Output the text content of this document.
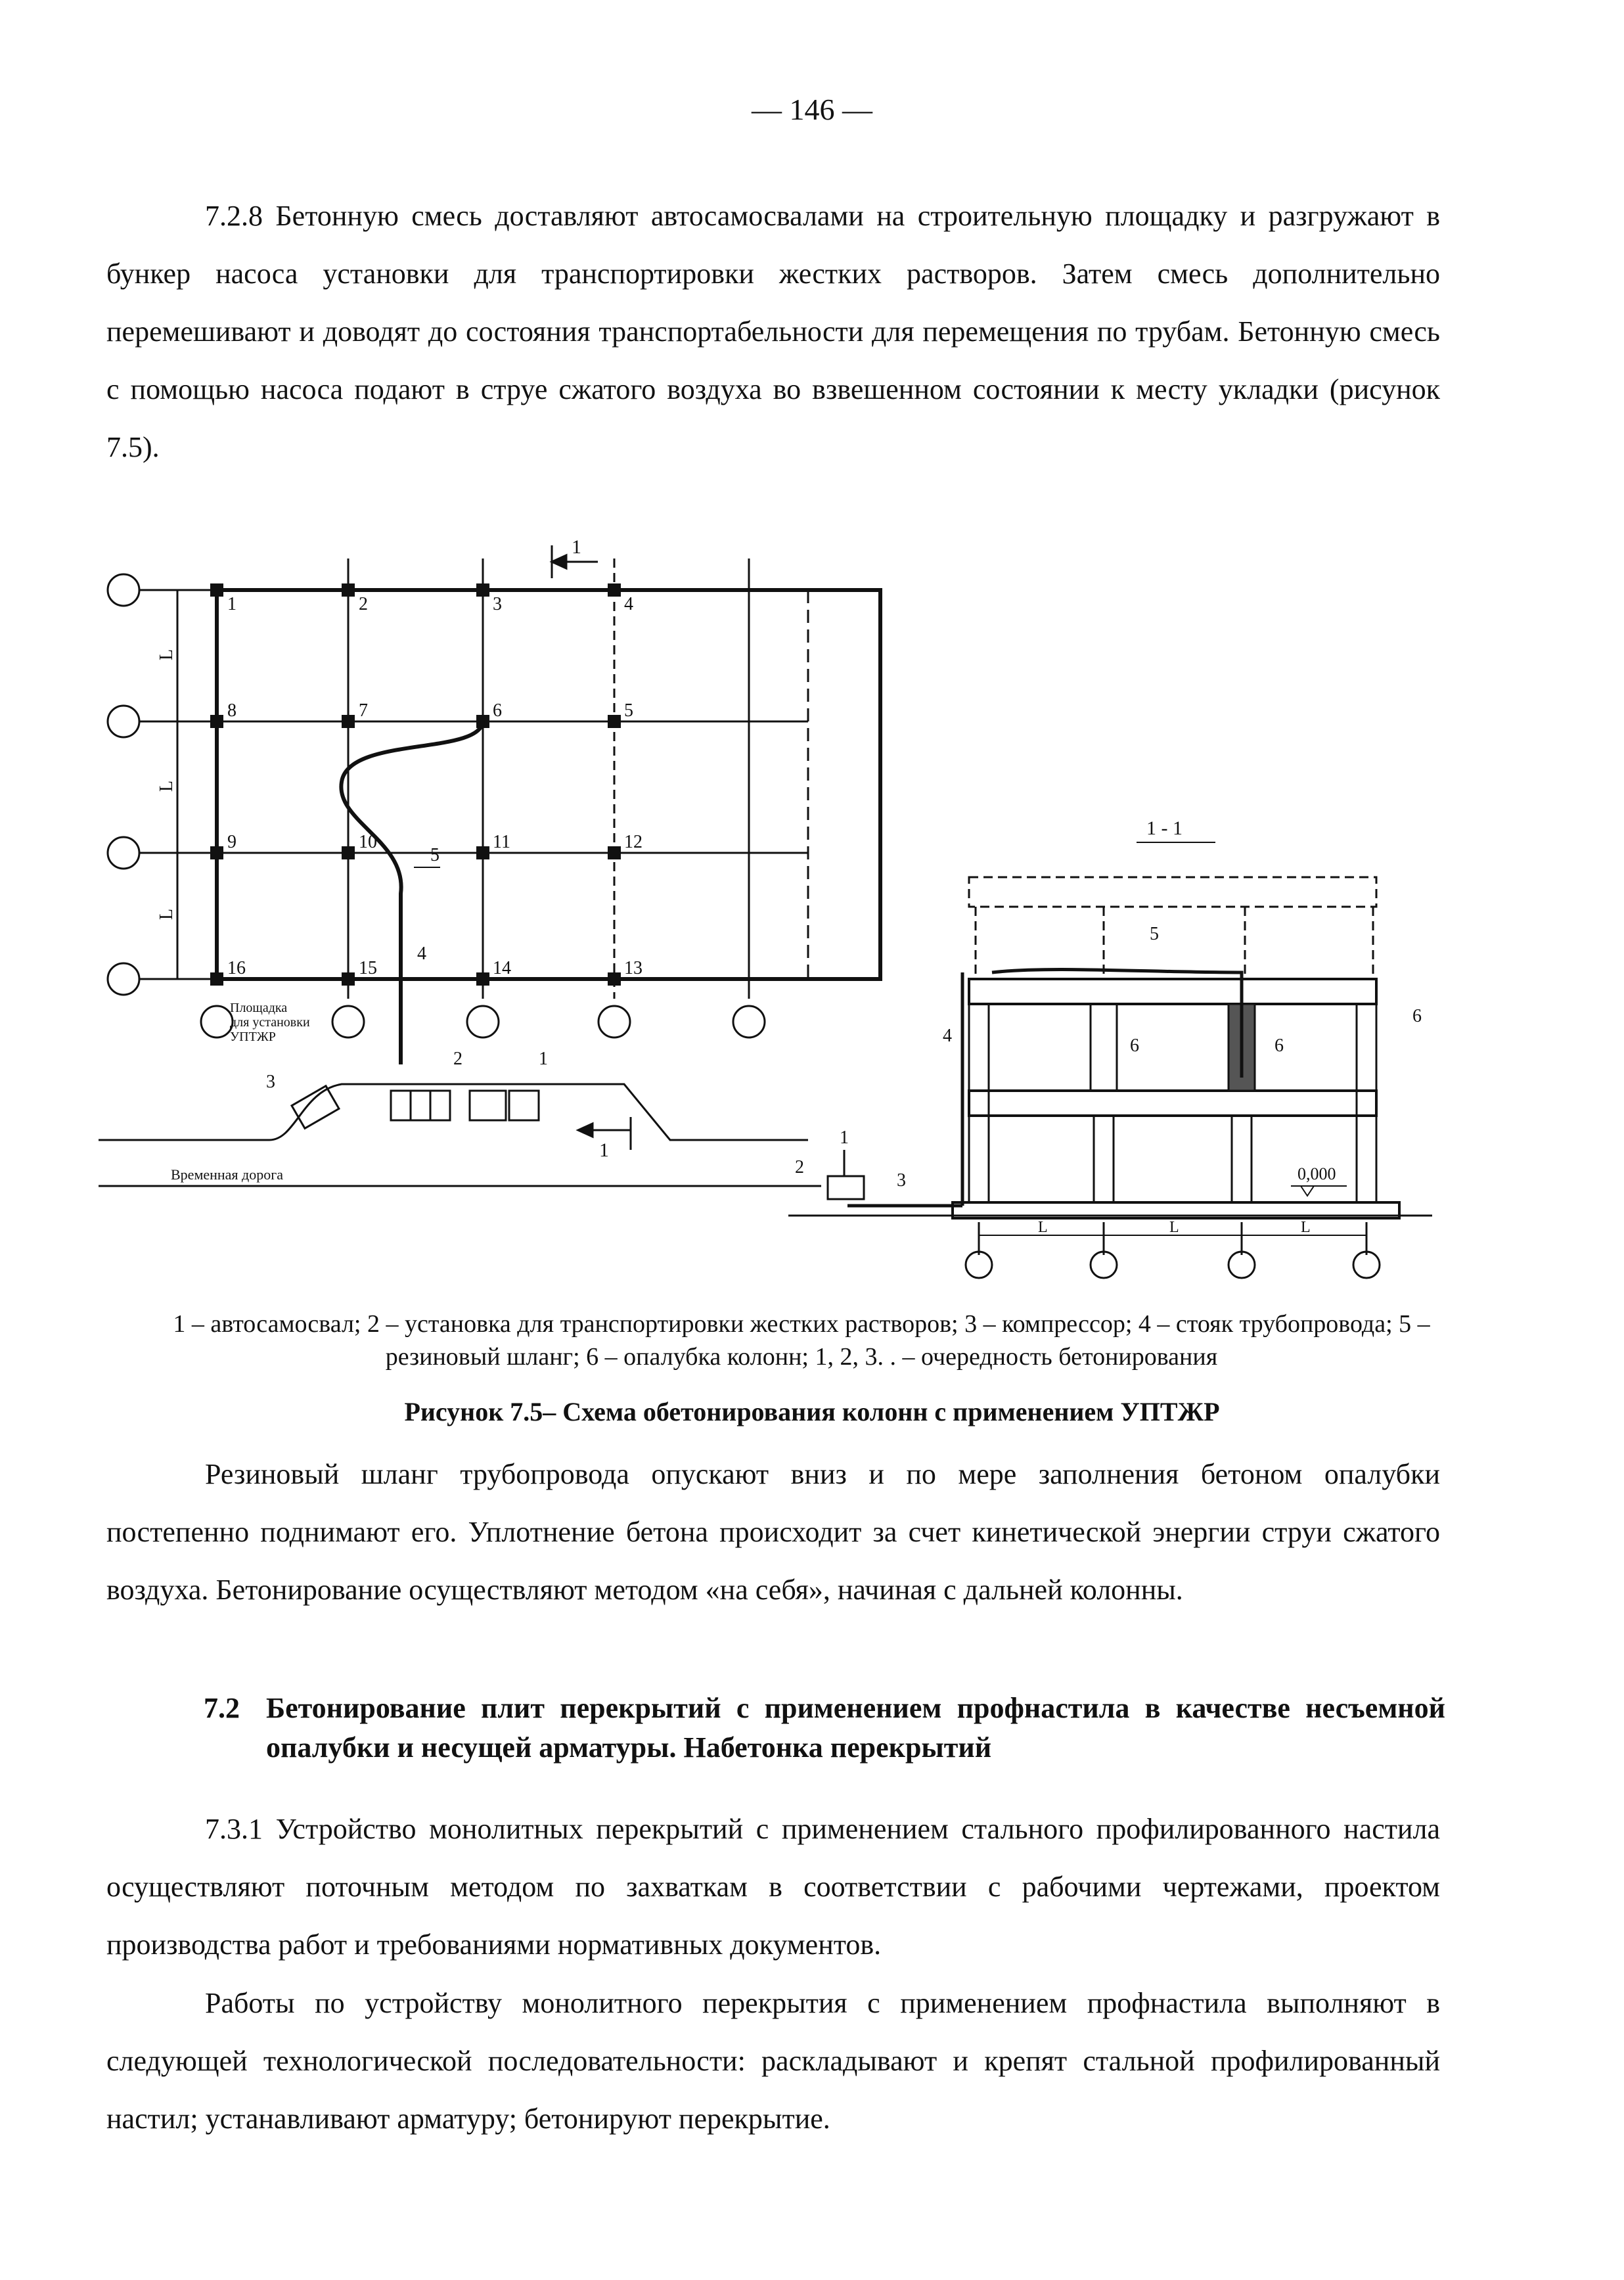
— 146 —

7.2.8 Бетонную смесь доставляют автосамосвалами на строительную площадку и разгружают в бункер насоса установки для транспортировки жестких растворов. Затем смесь дополнительно перемешивают и доводят до состояния транспортабельности для перемещения по трубам. Бетонную смесь с помощью насоса подают в струе сжатого воздуха во взвешенном состоянии к месту укладки (рисунок 7.5).

L
L
L
1
1	2	3	4
8	7	6	5
9	10	11	12
16	15	14	13
5
4
Площадка
для установки
УПТЖР
2	1
3
Временная дорога
1
1 - 1
5
4	6	6
6
1
2
3	0,000
L	L	L

1 – автосамосвал; 2 – установка для транспортировки жестких растворов; 3 – компрессор; 4 – стояк трубопровода; 5 – резиновый шланг; 6 – опалубка колонн; 1, 2, 3. . – очередность бетонирования

Рисунок 7.5– Схема обетонирования колонн с применением УПТЖР

Резиновый шланг трубопровода опускают вниз и по мере заполнения бетоном опалубки постепенно поднимают его. Уплотнение бетона происходит за счет кинетической энергии струи сжатого воздуха. Бетонирование осуществляют методом «на себя», начиная с дальней колонны.

7.2 Бетонирование плит перекрытий с применением профнастила в качестве несъемной опалубки и несущей арматуры. Набетонка перекрытий

7.3.1 Устройство монолитных перекрытий с применением стального профилированного настила осуществляют поточным методом по захваткам в соответствии с рабочими чертежами, проектом производства работ и требованиями нормативных документов.

Работы по устройству монолитного перекрытия с применением профнастила выполняют в следующей технологической последовательности: раскладывают и крепят стальной профилированный настил; устанавливают арматуру; бетонируют перекрытие.
